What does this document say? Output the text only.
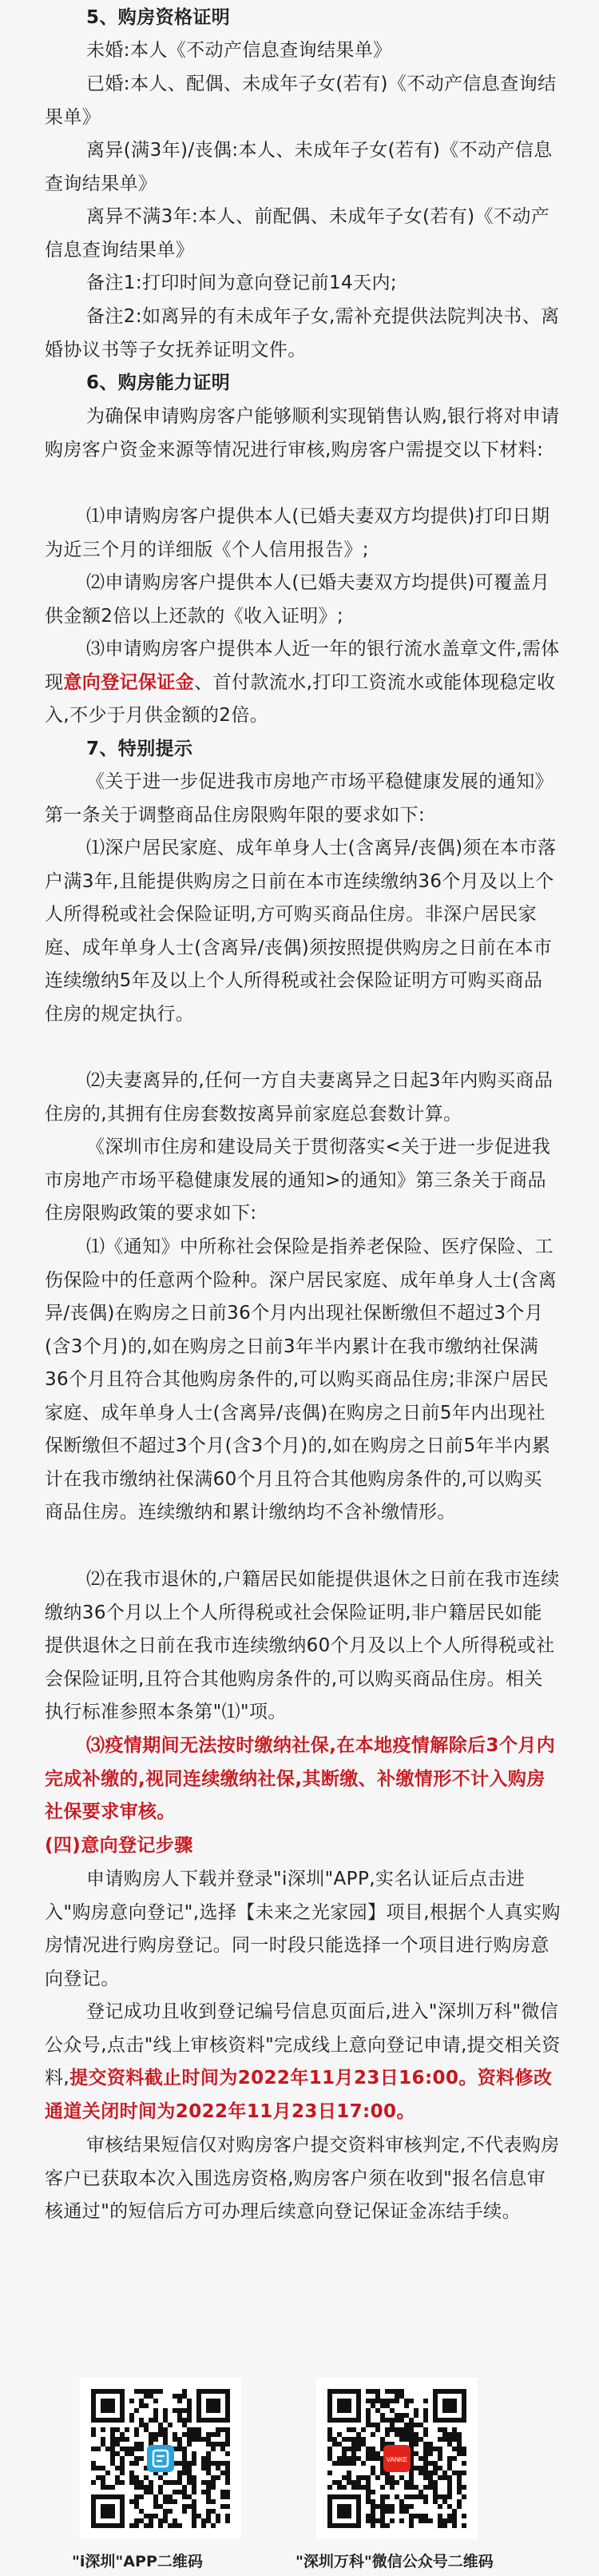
5、购房资格证明

未婚:本人《不动产信息查询结果单》

已婚:本人、配偶、未成年子女(若有)《不动产信息查询结果单》

离异(满3年)/丧偶:本人、未成年子女(若有)《不动产信息查询结果单》

离异不满3年:本人、前配偶、未成年子女(若有)《不动产信息查询结果单》

备注1:打印时间为意向登记前14天内;

备注2:如离异的有未成年子女,需补充提供法院判决书、离婚协议书等子女抚养证明文件。

6、购房能力证明

为确保申请购房客户能够顺利实现销售认购,银行将对申请购房客户资金来源等情况进行审核,购房客户需提交以下材料:

⑴申请购房客户提供本人(已婚夫妻双方均提供)打印日期为近三个月的详细版《个人信用报告》;

⑵申请购房客户提供本人(已婚夫妻双方均提供)可覆盖月供金额2倍以上还款的《收入证明》;

⑶申请购房客户提供本人近一年的银行流水盖章文件,需体现意向登记保证金、首付款流水,打印工资流水或能体现稳定收入,不少于月供金额的2倍。

7、特别提示

《关于进一步促进我市房地产市场平稳健康发展的通知》第一条关于调整商品住房限购年限的要求如下:

⑴深户居民家庭、成年单身人士(含离异/丧偶)须在本市落户满3年,且能提供购房之日前在本市连续缴纳36个月及以上个人所得税或社会保险证明,方可购买商品住房。非深户居民家庭、成年单身人士(含离异/丧偶)须按照提供购房之日前在本市连续缴纳5年及以上个人所得税或社会保险证明方可购买商品住房的规定执行。

⑵夫妻离异的,任何一方自夫妻离异之日起3年内购买商品住房的,其拥有住房套数按离异前家庭总套数计算。

《深圳市住房和建设局关于贯彻落实<关于进一步促进我市房地产市场平稳健康发展的通知>的通知》第三条关于商品住房限购政策的要求如下:

⑴《通知》中所称社会保险是指养老保险、医疗保险、工伤保险中的任意两个险种。深户居民家庭、成年单身人士(含离异/丧偶)在购房之日前36个月内出现社保断缴但不超过3个月(含3个月)的,如在购房之日前3年半内累计在我市缴纳社保满36个月且符合其他购房条件的,可以购买商品住房;非深户居民家庭、成年单身人士(含离异/丧偶)在购房之日前5年内出现社保断缴但不超过3个月(含3个月)的,如在购房之日前5年半内累计在我市缴纳社保满60个月且符合其他购房条件的,可以购买商品住房。连续缴纳和累计缴纳均不含补缴情形。

⑵在我市退休的,户籍居民如能提供退休之日前在我市连续缴纳36个月以上个人所得税或社会保险证明,非户籍居民如能提供退休之日前在我市连续缴纳60个月及以上个人所得税或社会保险证明,且符合其他购房条件的,可以购买商品住房。相关执行标准参照本条第"⑴"项。

⑶疫情期间无法按时缴纳社保,在本地疫情解除后3个月内完成补缴的,视同连续缴纳社保,其断缴、补缴情形不计入购房社保要求审核。

(四)意向登记步骤

申请购房人下载并登录"i深圳"APP,实名认证后点击进入"购房意向登记",选择【未来之光家园】项目,根据个人真实购房情况进行购房登记。同一时段只能选择一个项目进行购房意向登记。

登记成功且收到登记编号信息页面后,进入"深圳万科"微信公众号,点击"线上审核资料"完成线上意向登记申请,提交相关资料,提交资料截止时间为2022年11月23日16:00。资料修改通道关闭时间为2022年11月23日17:00。

审核结果短信仅对购房客户提交资料审核判定,不代表购房客户已获取本次入围选房资格,购房客户须在收到"报名信息审核通过"的短信后方可办理后续意向登记保证金冻结手续。

"i深圳"APP二维码
VANKE
"深圳万科"微信公众号二维码
